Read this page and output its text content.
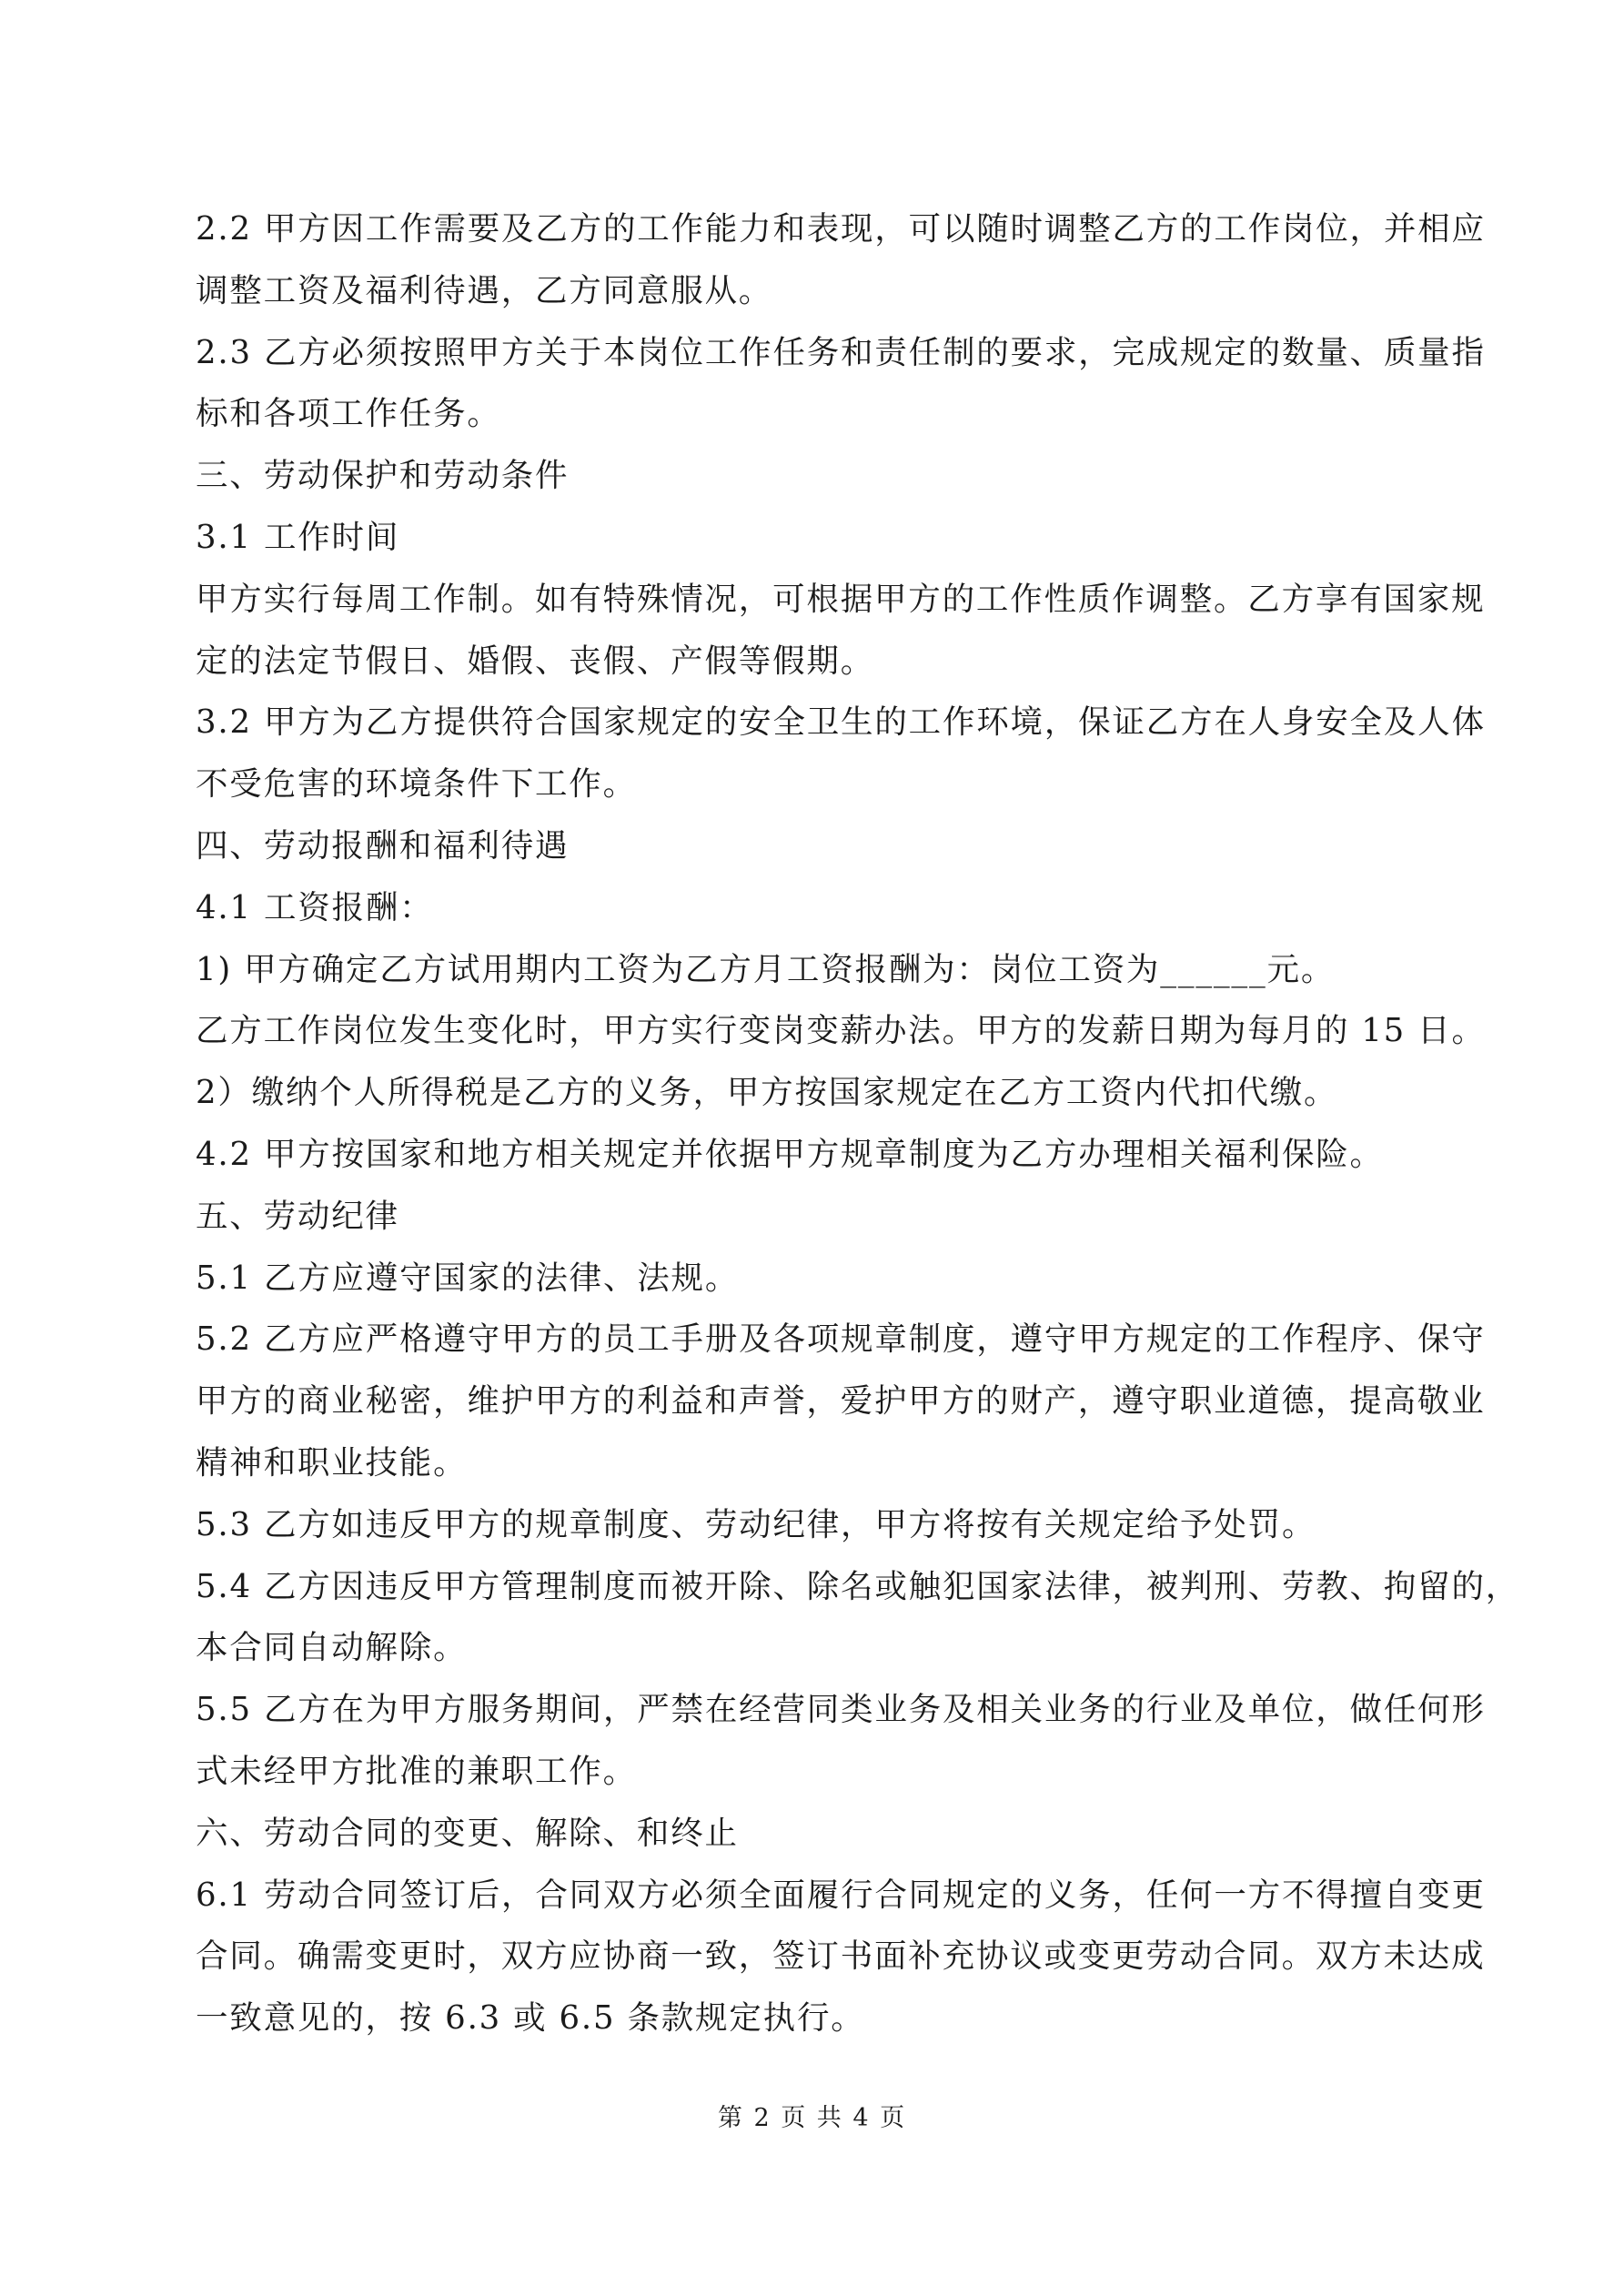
2.2 甲方因工作需要及乙方的工作能力和表现，可以随时调整乙方的工作岗位，并相应
调整工资及福利待遇，乙方同意服从。

2.3 乙方必须按照甲方关于本岗位工作任务和责任制的要求，完成规定的数量、质量指
标和各项工作任务。

三、劳动保护和劳动条件

3.1 工作时间

甲方实行每周工作制。如有特殊情况，可根据甲方的工作性质作调整。乙方享有国家规
定的法定节假日、婚假、丧假、产假等假期。

3.2 甲方为乙方提供符合国家规定的安全卫生的工作环境，保证乙方在人身安全及人体
不受危害的环境条件下工作。

四、劳动报酬和福利待遇

4.1 工资报酬：

1) 甲方确定乙方试用期内工资为乙方月工资报酬为：岗位工资为______元。

乙方工作岗位发生变化时，甲方实行变岗变薪办法。甲方的发薪日期为每月的 15 日。

2）缴纳个人所得税是乙方的义务，甲方按国家规定在乙方工资内代扣代缴。

4.2 甲方按国家和地方相关规定并依据甲方规章制度为乙方办理相关福利保险。

五、劳动纪律

5.1 乙方应遵守国家的法律、法规。

5.2 乙方应严格遵守甲方的员工手册及各项规章制度，遵守甲方规定的工作程序、保守
甲方的商业秘密，维护甲方的利益和声誉，爱护甲方的财产，遵守职业道德，提高敬业
精神和职业技能。

5.3 乙方如违反甲方的规章制度、劳动纪律，甲方将按有关规定给予处罚。

5.4 乙方因违反甲方管理制度而被开除、除名或触犯国家法律，被判刑、劳教、拘留的，
本合同自动解除。

5.5 乙方在为甲方服务期间，严禁在经营同类业务及相关业务的行业及单位，做任何形
式未经甲方批准的兼职工作。

六、劳动合同的变更、解除、和终止

6.1 劳动合同签订后，合同双方必须全面履行合同规定的义务，任何一方不得擅自变更
合同。确需变更时，双方应协商一致，签订书面补充协议或变更劳动合同。双方未达成
一致意见的，按 6.3 或 6.5 条款规定执行。

第 2 页 共 4 页
